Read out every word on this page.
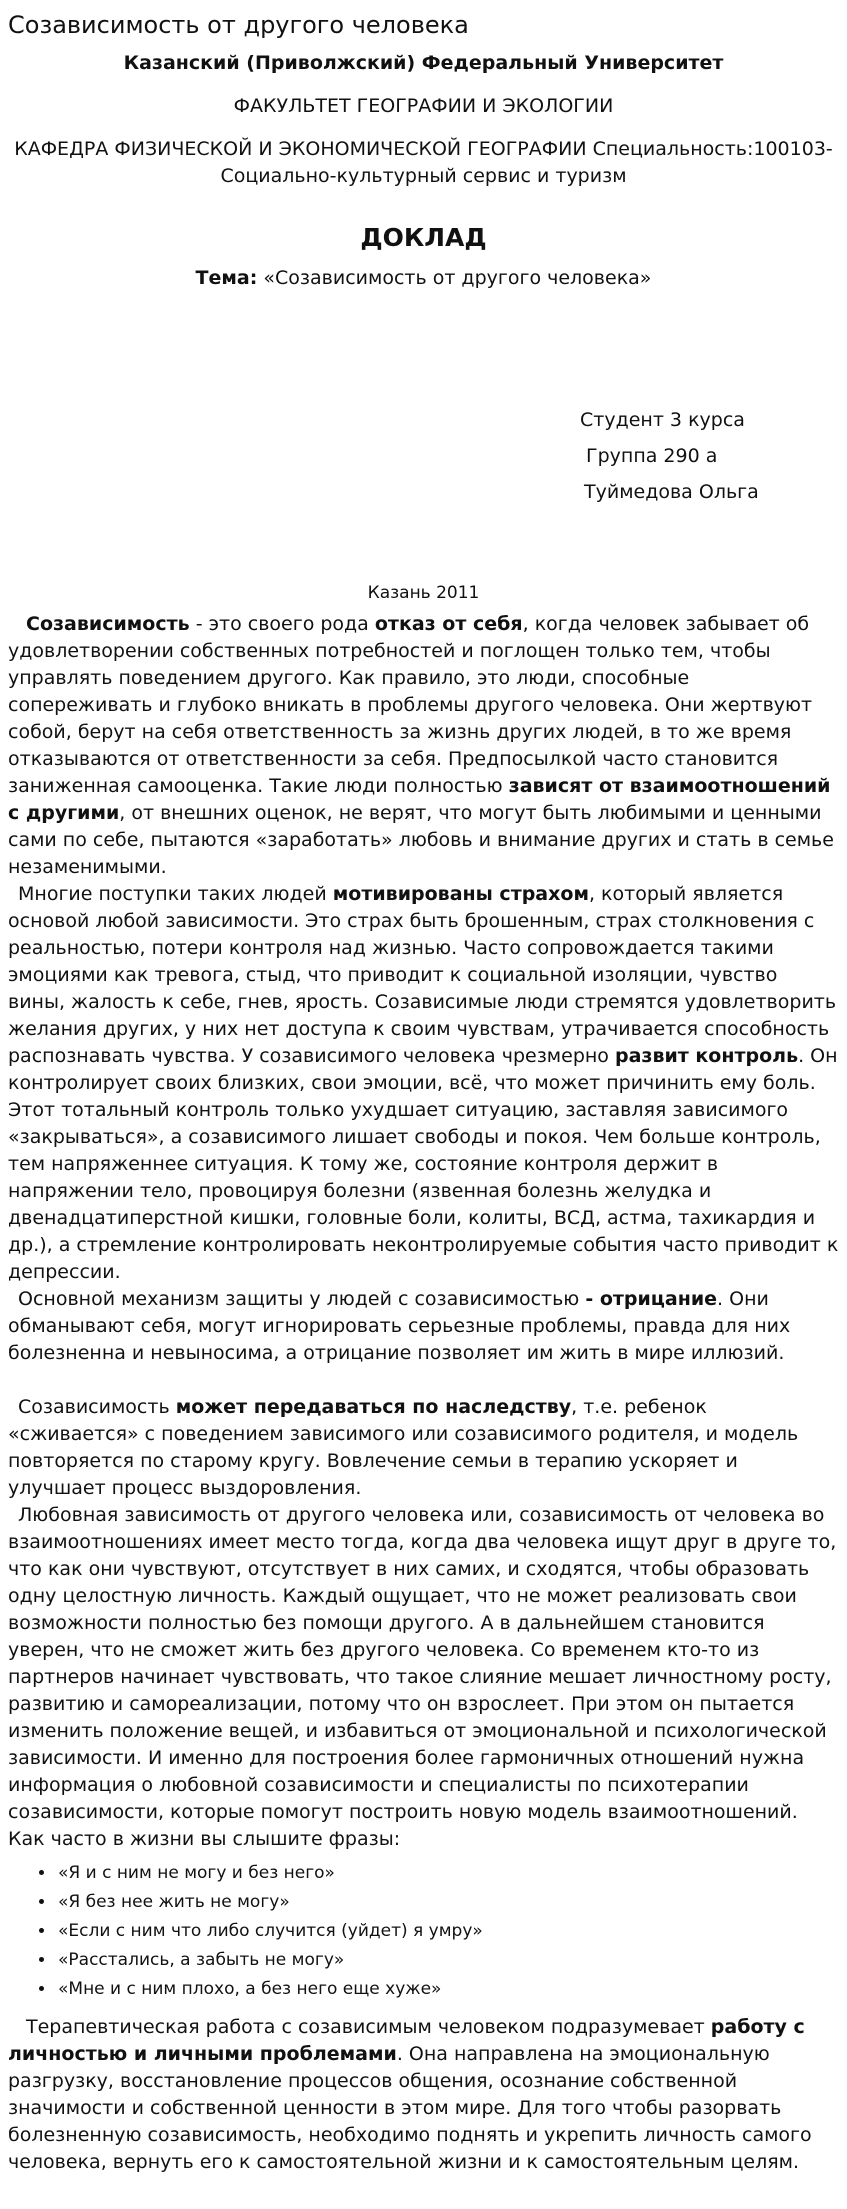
Созависимость от другого человека
Казанский (Приволжский) Федеральный Университет
ФАКУЛЬТЕТ ГЕОГРАФИИ И ЭКОЛОГИИ
КАФЕДРА ФИЗИЧЕСКОЙ И ЭКОНОМИЧЕСКОЙ ГЕОГРАФИИ Специальность:100103-Социально-культурный сервис и туризм
ДОКЛАД
Тема: «Созависимость от другого человека»
Студент 3 курса
Группа 290 а
Туймедова Ольга
Казань 2011

Созависимость - это своего рода отказ от себя, когда человек забывает об удовлетворении собственных потребностей и поглощен только тем, чтобы управлять поведением другого. Как правило, это люди, способные сопереживать и глубоко вникать в проблемы другого человека. Они жертвуют собой, берут на себя ответственность за жизнь других людей, в то же время отказываются от ответственности за себя. Предпосылкой часто становится заниженная самооценка. Такие люди полностью зависят от взаимоотношений с другими, от внешних оценок, не верят, что могут быть любимыми и ценными сами по себе, пытаются «заработать» любовь и внимание других и стать в семье незаменимыми.

Многие поступки таких людей мотивированы страхом, который является основой любой зависимости. Это страх быть брошенным, страх столкновения с реальностью, потери контроля над жизнью. Часто сопровождается такими эмоциями как тревога, стыд, что приводит к социальной изоляции, чувство вины, жалость к себе, гнев, ярость. Созависимые люди стремятся удовлетворить желания других, у них нет доступа к своим чувствам, утрачивается способность распознавать чувства. У созависимого человека чрезмерно развит контроль. Он контролирует своих близких, свои эмоции, всё, что может причинить ему боль. Этот тотальный контроль только ухудшает ситуацию, заставляя зависимого «закрываться», а созависимого лишает свободы и покоя. Чем больше контроль, тем напряженнее ситуация. К тому же, состояние контроля держит в напряжении тело, провоцируя болезни (язвенная болезнь желудка и двенадцатиперстной кишки, головные боли, колиты, ВСД, астма, тахикардия и др.), а стремление контролировать неконтролируемые события часто приводит к депрессии.

Основной механизм защиты у людей с созависимостью - отрицание. Они обманывают себя, могут игнорировать серьезные проблемы, правда для них болезненна и невыносима, а отрицание позволяет им жить в мире иллюзий.

Созависимость может передаваться по наследству, т.е. ребенок «сживается» с поведением зависимого или созависимого родителя, и модель повторяется по старому кругу. Вовлечение семьи в терапию ускоряет и улучшает процесс выздоровления.

Любовная зависимость от другого человека или, созависимость от человека во взаимоотношениях имеет место тогда, когда два человека ищут друг в друге то, что как они чувствуют, отсутствует в них самих, и сходятся, чтобы образовать одну целостную личность. Каждый ощущает, что не может реализовать свои возможности полностью без помощи другого. А в дальнейшем становится уверен, что не сможет жить без другого человека. Со временем кто-то из партнеров начинает чувствовать, что такое слияние мешает личностному росту, развитию и самореализации, потому что он взрослеет. При этом он пытается изменить положение вещей, и избавиться от эмоциональной и психологической зависимости. И именно для построения более гармоничных отношений нужна информация о любовной созависимости и специалисты по психотерапии созависимости, которые помогут построить новую модель взаимоотношений. Как часто в жизни вы слышите фразы:

• «Я и с ним не могу и без него»
• «Я без нее жить не могу»
• «Если с ним что либо случится (уйдет) я умру»
• «Расстались, а забыть не могу»
• «Мне и с ним плохо, а без него еще хуже»

Терапевтическая работа с созависимым человеком подразумевает работу с личностью и личными проблемами. Она направлена на эмоциональную разгрузку, восстановление процессов общения, осознание собственной значимости и собственной ценности в этом мире. Для того чтобы разорвать болезненную созависимость, необходимо поднять и укрепить личность самого человека, вернуть его к самостоятельной жизни и к самостоятельным целям.
